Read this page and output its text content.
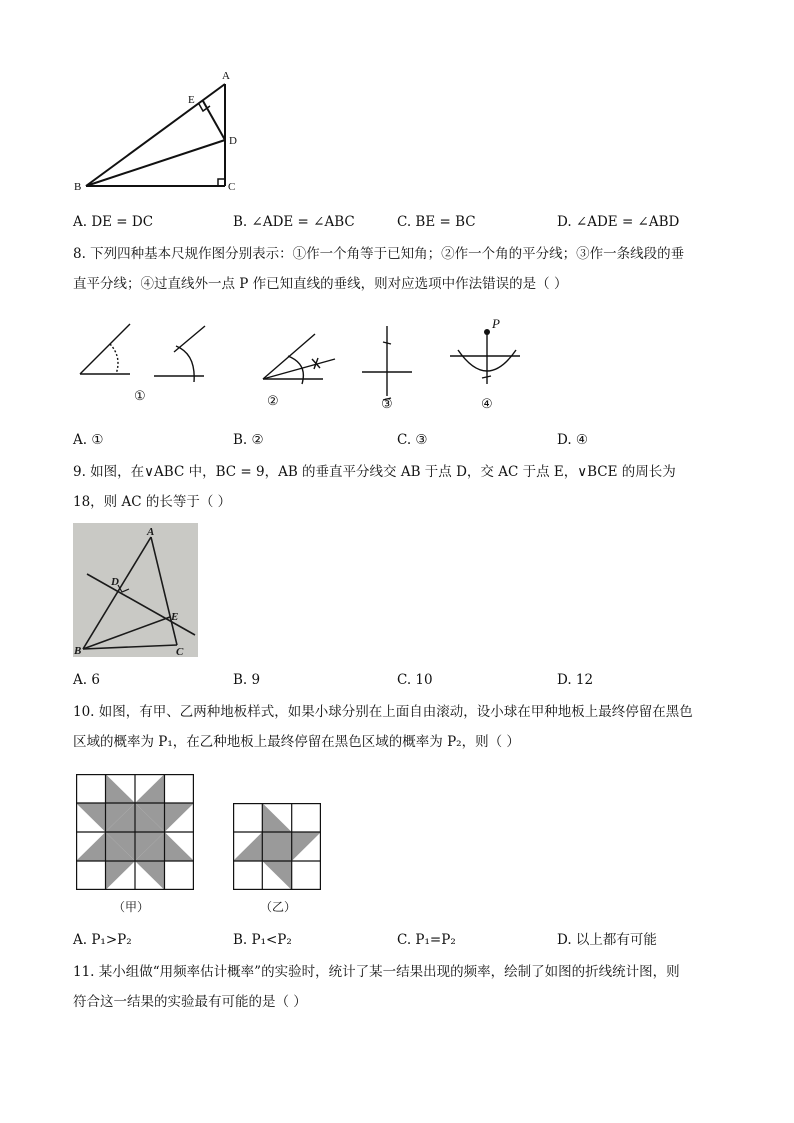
A
E
D
B	C
A. DE = DC	B. ∠ADE = ∠ABC	C. BE = BC	D. ∠ADE = ∠ABD
8. 下列四种基本尺规作图分别表示：①作一个角等于已知角；②作一个角的平分线；③作一条线段的垂
直平分线；④过直线外一点 P 作已知直线的垂线，则对应选项中作法错误的是（ ）
①	②	③	④
P
A. ①	B. ②	C. ③	D. ④
9. 如图，在∨ABC 中，BC = 9，AB 的垂直平分线交 AB 于点 D，交 AC 于点 E，∨BCE 的周长为
18，则 AC 的长等于（ ）
A
D
E
B	C
A. 6	B. 9	C. 10	D. 12
10. 如图，有甲、乙两种地板样式，如果小球分别在上面自由滚动，设小球在甲种地板上最终停留在黑色
区域的概率为 P₁，在乙种地板上最终停留在黑色区域的概率为 P₂，则（ ）
（甲）	（乙）
A. P₁>P₂	B. P₁<P₂	C. P₁=P₂	D. 以上都有可能
11. 某小组做“用频率估计概率”的实验时，统计了某一结果出现的频率，绘制了如图的折线统计图，则
符合这一结果的实验最有可能的是（ ）
